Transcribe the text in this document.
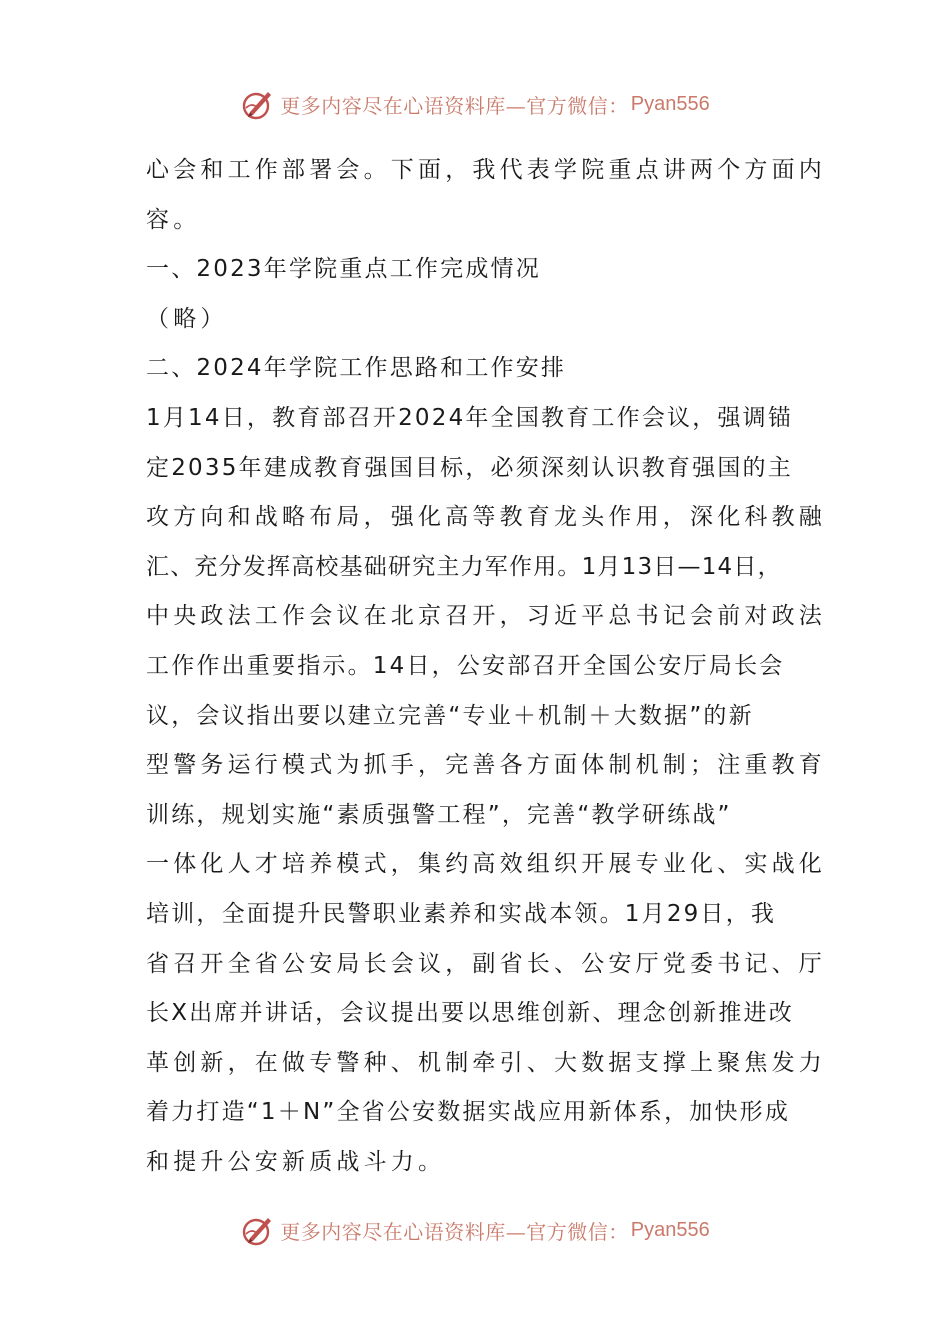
更多内容尽在心语资料库—官方微信： Pyan556
心会和工作部署会。下面，我代表学院重点讲两个方面内
容。
一、2023年学院重点工作完成情况
（略）
二、2024年学院工作思路和工作安排
1月14日，教育部召开2024年全国教育工作会议，强调锚
定2035年建成教育强国目标，必须深刻认识教育强国的主
攻方向和战略布局，强化高等教育龙头作用，深化科教融
汇、充分发挥高校基础研究主力军作用。1月13日—14日，
中央政法工作会议在北京召开，习近平总书记会前对政法
工作作出重要指示。14日，公安部召开全国公安厅局长会
议，会议指出要以建立完善“专业＋机制＋大数据”的新
型警务运行模式为抓手，完善各方面体制机制；注重教育
训练，规划实施“素质强警工程”，完善“教学研练战”
一体化人才培养模式，集约高效组织开展专业化、实战化
培训，全面提升民警职业素养和实战本领。1月29日，我
省召开全省公安局长会议，副省长、公安厅党委书记、厅
长X出席并讲话，会议提出要以思维创新、理念创新推进改
革创新，在做专警种、机制牵引、大数据支撑上聚焦发力
着力打造“1＋N”全省公安数据实战应用新体系，加快形成
和提升公安新质战斗力。
更多内容尽在心语资料库—官方微信： Pyan556
